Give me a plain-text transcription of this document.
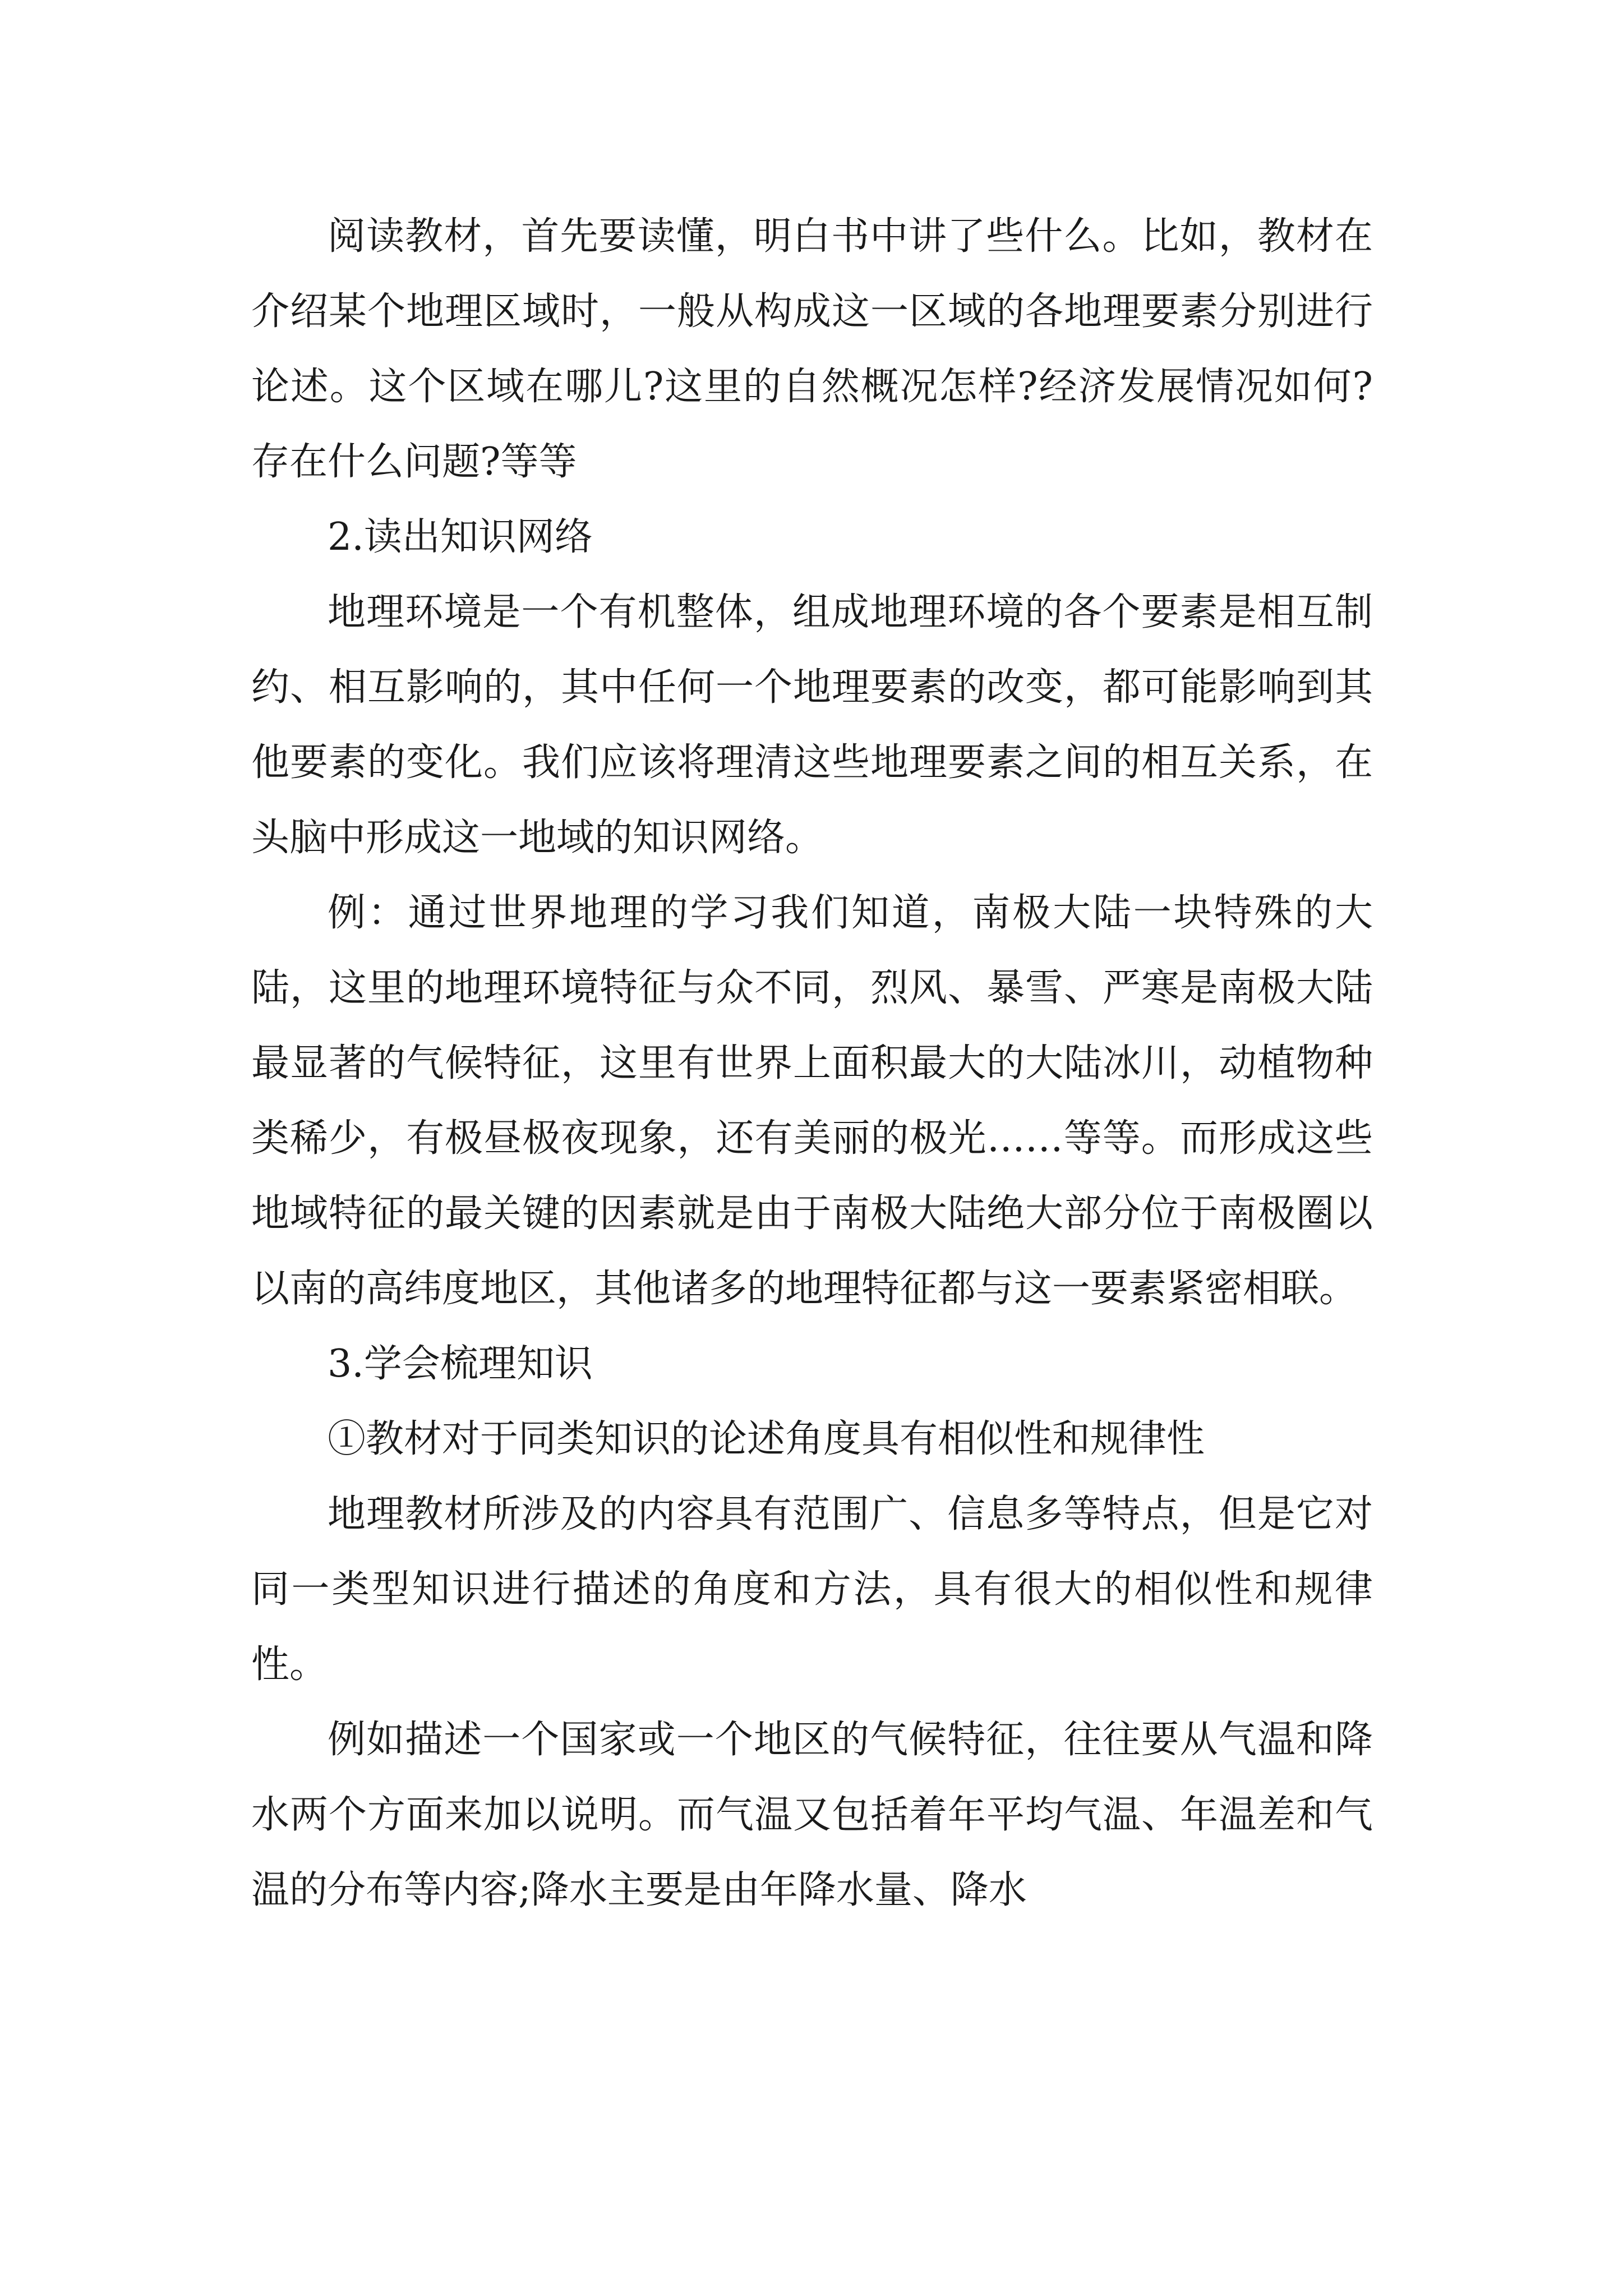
阅读教材，首先要读懂，明白书中讲了些什么。比如，教材在介绍某个地理区域时，一般从构成这一区域的各地理要素分别进行论述。这个区域在哪儿?这里的自然概况怎样?经济发展情况如何?存在什么问题?等等

2.读出知识网络

地理环境是一个有机整体，组成地理环境的各个要素是相互制约、相互影响的，其中任何一个地理要素的改变，都可能影响到其他要素的变化。我们应该将理清这些地理要素之间的相互关系，在头脑中形成这一地域的知识网络。

例：通过世界地理的学习我们知道，南极大陆一块特殊的大陆，这里的地理环境特征与众不同，烈风、暴雪、严寒是南极大陆最显著的气候特征，这里有世界上面积最大的大陆冰川，动植物种类稀少，有极昼极夜现象，还有美丽的极光……等等。而形成这些地域特征的最关键的因素就是由于南极大陆绝大部分位于南极圈以以南的高纬度地区，其他诸多的地理特征都与这一要素紧密相联。

3.学会梳理知识

①教材对于同类知识的论述角度具有相似性和规律性

地理教材所涉及的内容具有范围广、信息多等特点，但是它对同一类型知识进行描述的角度和方法，具有很大的相似性和规律性。

例如描述一个国家或一个地区的气候特征，往往要从气温和降水两个方面来加以说明。而气温又包括着年平均气温、年温差和气温的分布等内容;降水主要是由年降水量、降水
